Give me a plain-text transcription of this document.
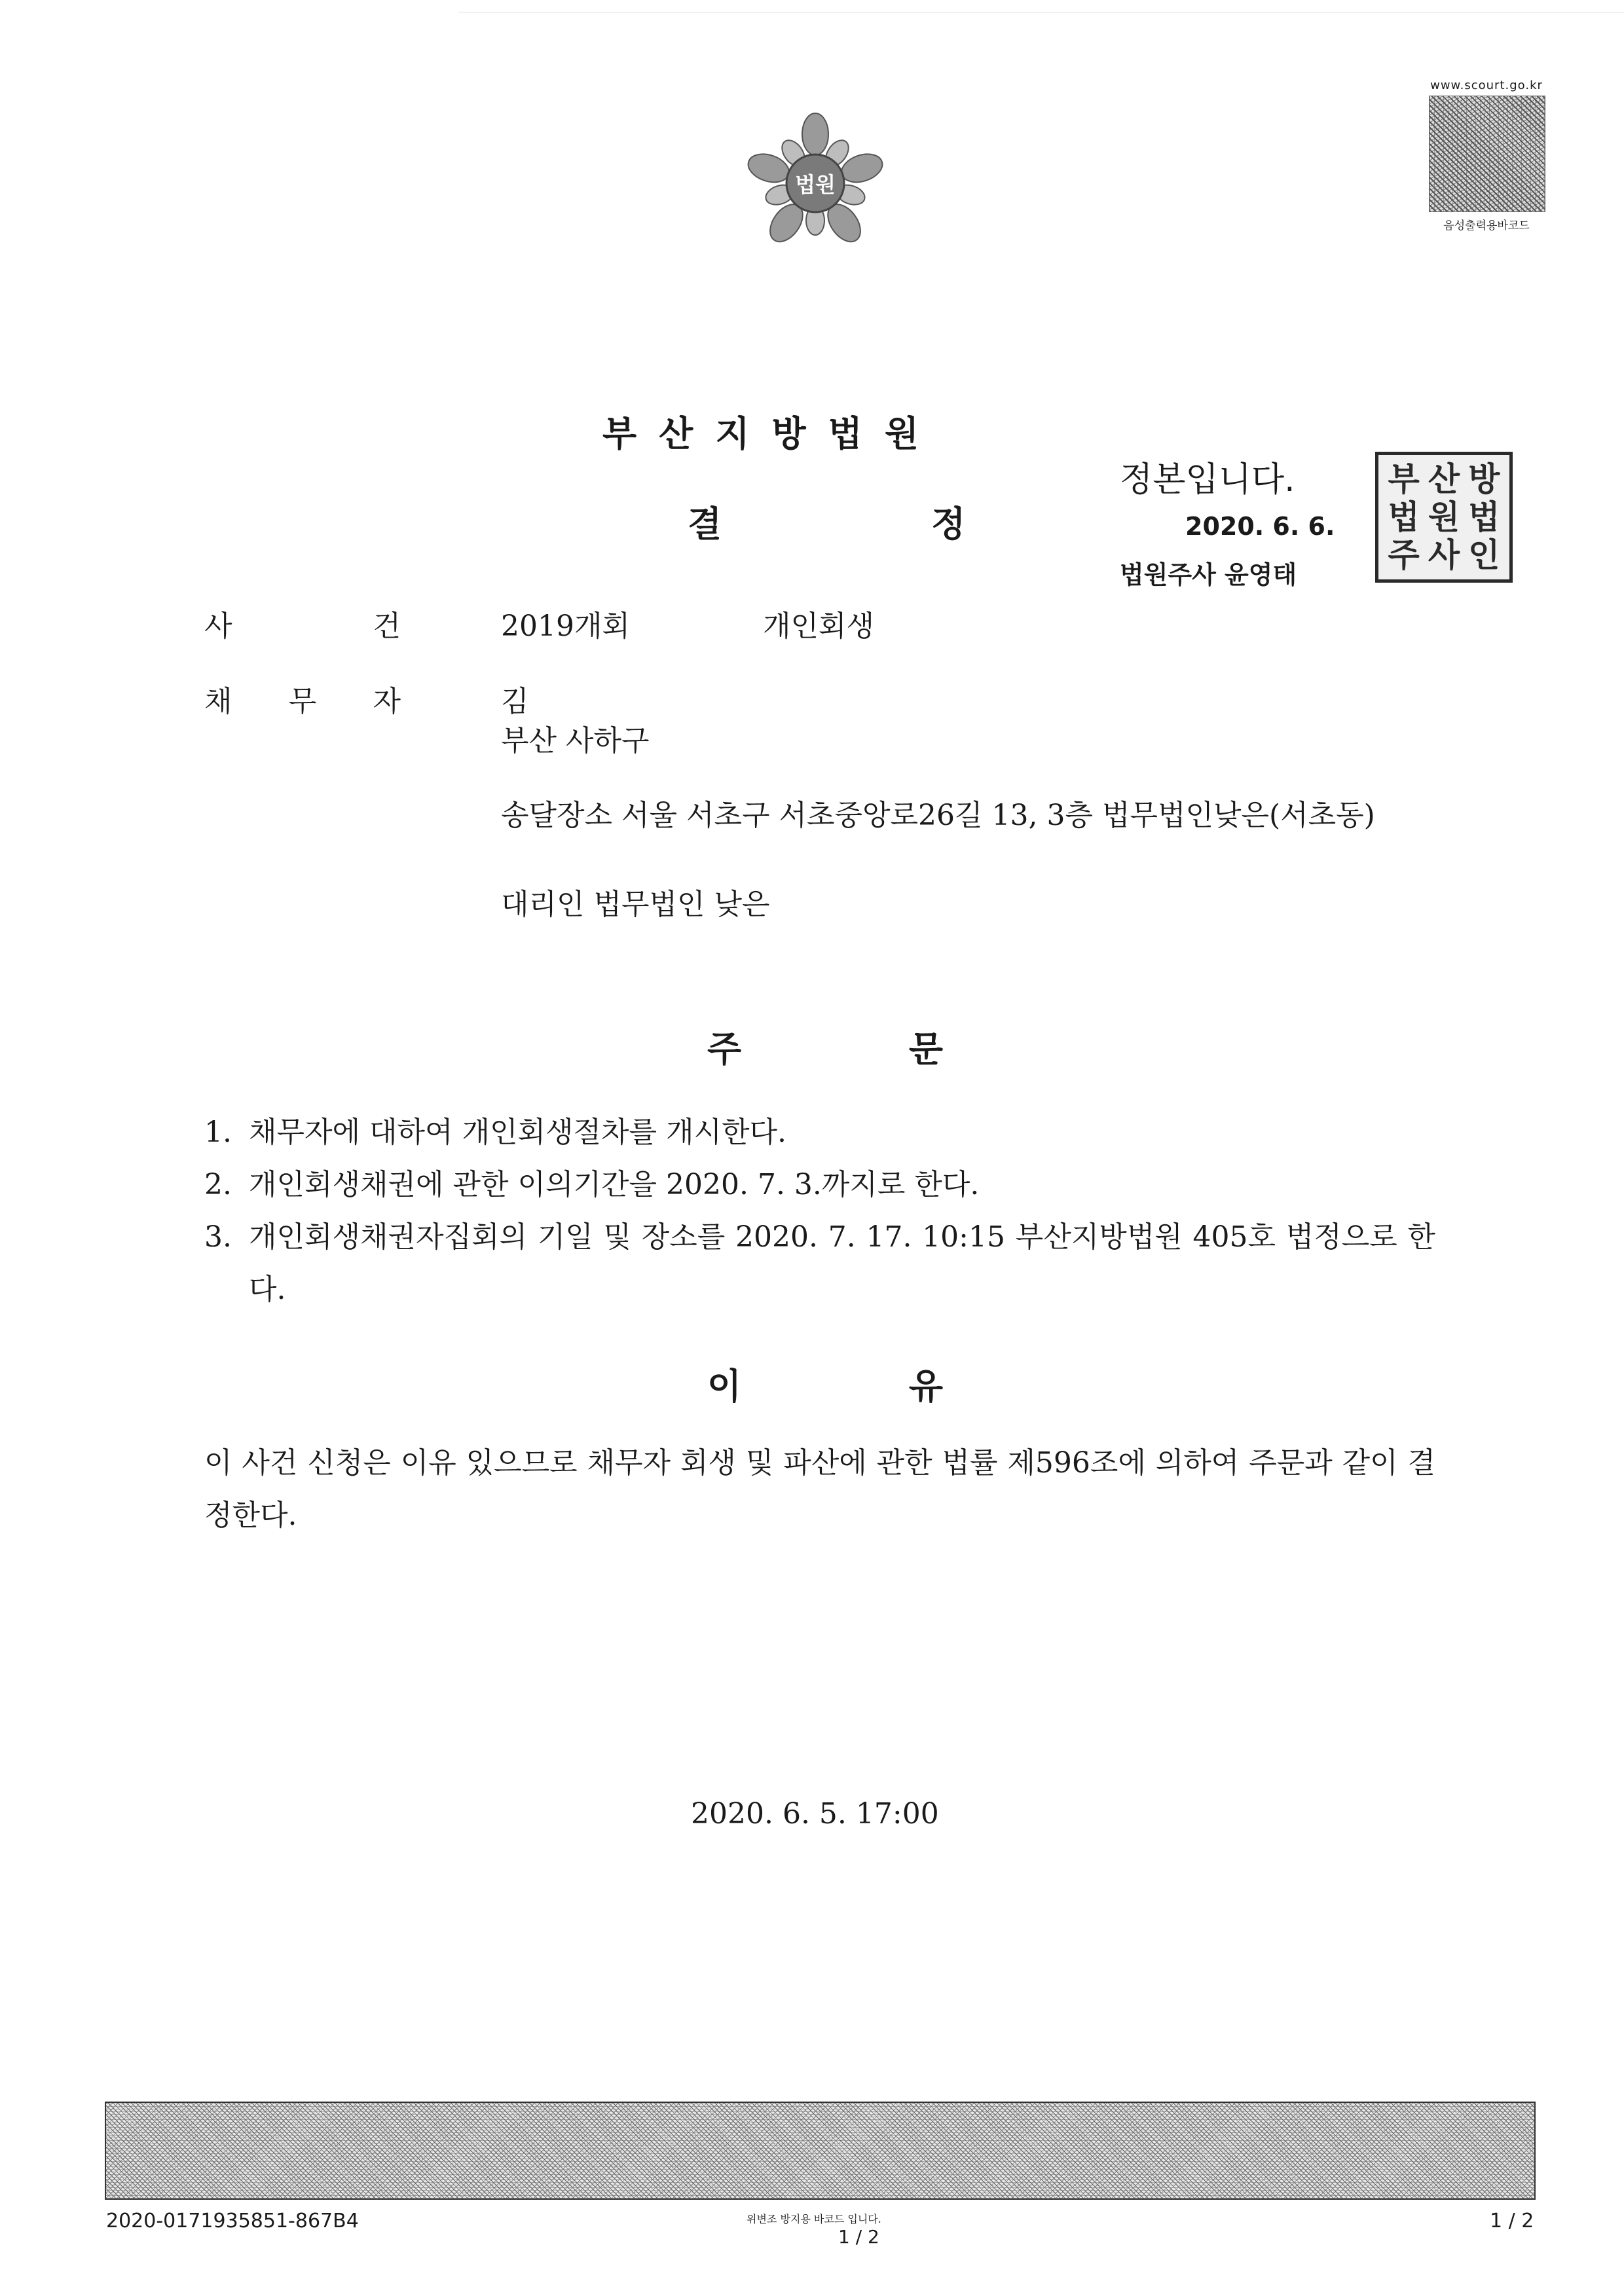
법원
www.scourt.go.kr
음성출력용바코드
부산지방법원
결	정
정본입니다.
2020. 6. 6.
법원주사 윤영태
부 산 방
법 원 법
주 사 인
사	건	2019개회	개인회생
채 무 자	김
부산 사하구
송달장소 서울 서초구 서초중앙로26길 13, 3층 법무법인낮은(서초동)
대리인 법무법인 낮은
주	문
1. 채무자에 대하여 개인회생절차를 개시한다.
2. 개인회생채권에 관한 이의기간을 2020. 7. 3.까지로 한다.
3. 개인회생채권자집회의 기일 및 장소를 2020. 7. 17. 10:15 부산지방법원 405호 법정으로 한다.
이	유
이 사건 신청은 이유 있으므로 채무자 회생 및 파산에 관한 법률 제596조에 의하여 주문과 같이 결정한다.
2020. 6. 5. 17:00
2020-0171935851-867B4	위변조 방지용 바코드 입니다.
1 / 2
1 / 2
